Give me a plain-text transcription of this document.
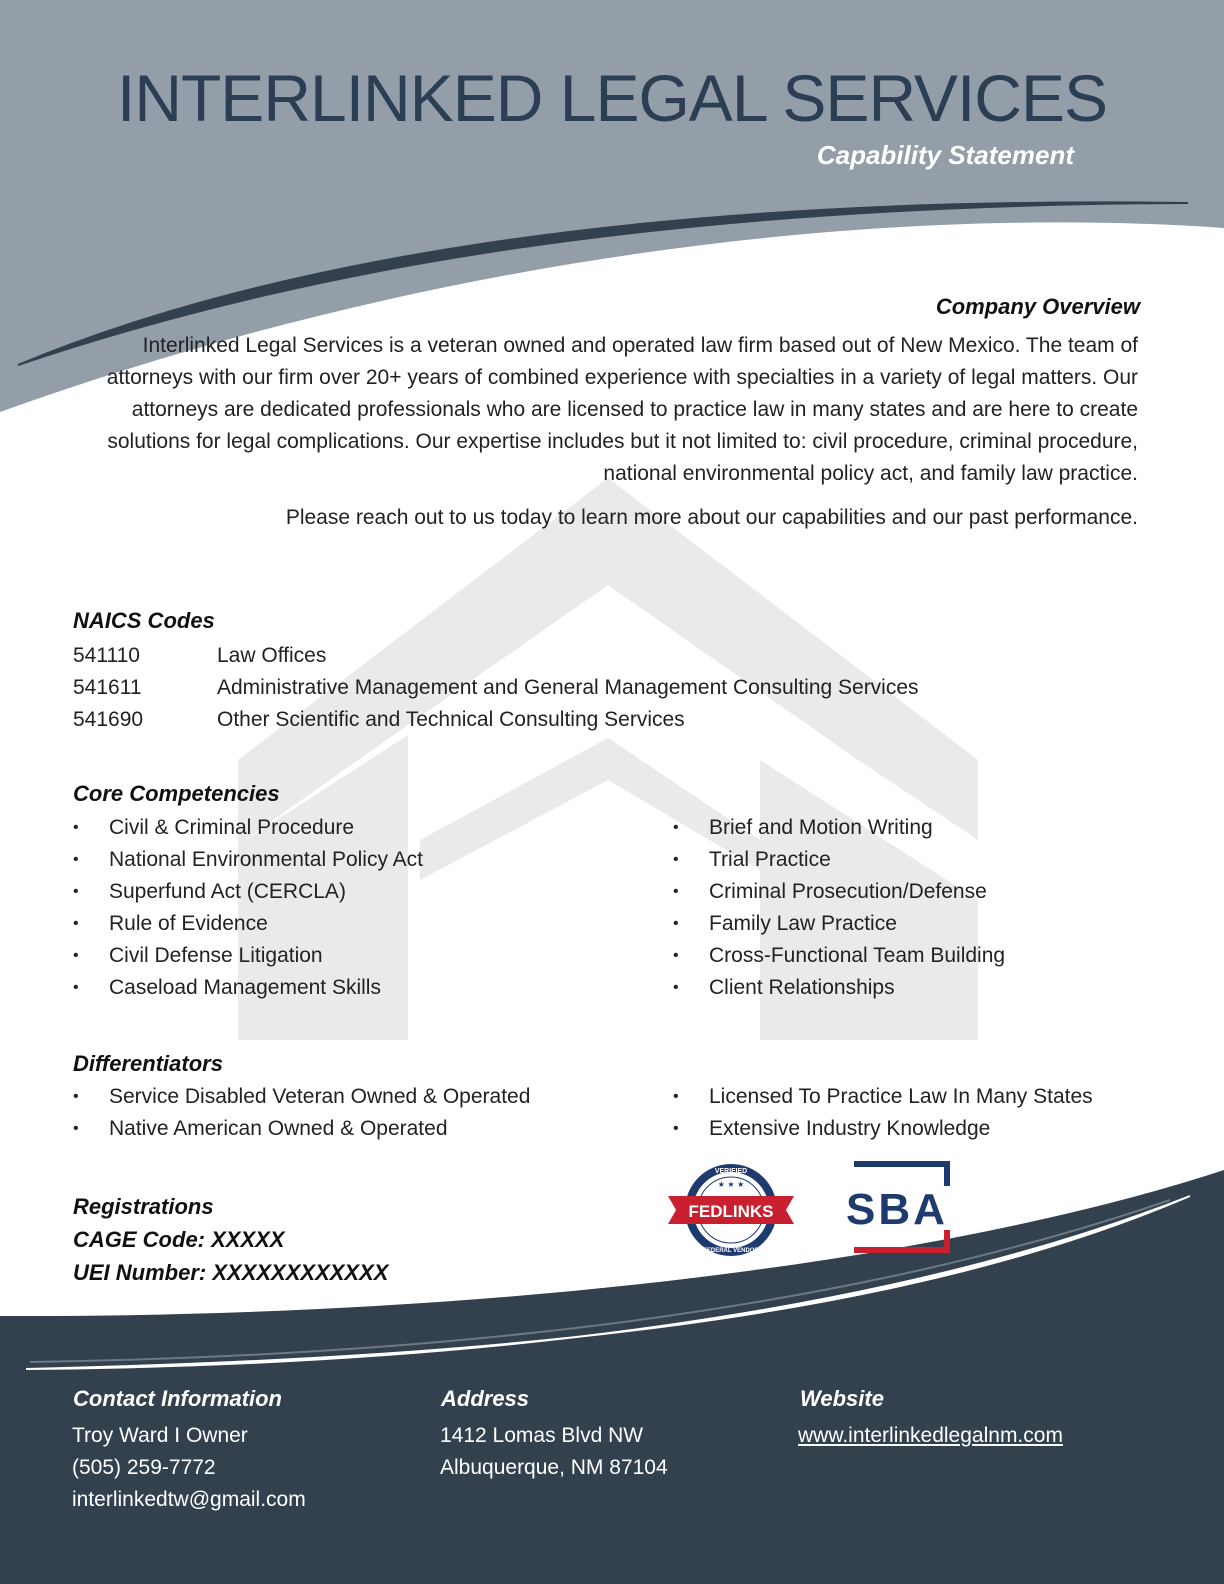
INTERLINKED LEGAL SERVICES
Capability Statement
Company Overview

Interlinked Legal Services is a veteran owned and operated law firm based out of New Mexico. The team of attorneys with our firm over 20+ years of combined experience with specialties in a variety of legal matters. Our attorneys are dedicated professionals who are licensed to practice law in many states and are here to create solutions for legal complications. Our expertise includes but it not limited to: civil procedure, criminal procedure, national environmental policy act, and family law practice.

Please reach out to us today to learn more about our capabilities and our past performance.

NAICS Codes
541110	Law Offices
541611	Administrative Management and General Management Consulting Services
541690	Other Scientific and Technical Consulting Services
Core Competencies
• Civil & Criminal Procedure
• National Environmental Policy Act
• Superfund Act (CERCLA)
• Rule of Evidence
• Civil Defense Litigation
• Caseload Management Skills
• Brief and Motion Writing
• Trial Practice
• Criminal Prosecution/Defense
• Family Law Practice
• Cross-Functional Team Building
• Client Relationships
Differentiators
• Service Disabled Veteran Owned & Operated
• Native American Owned & Operated
• Licensed To Practice Law In Many States
• Extensive Industry Knowledge
Registrations
CAGE Code: XXXXX
UEI Number: XXXXXXXXXXXX
FEDLINKS
VERIFIED
★ ★ ★
FEDERAL VENDOR
SBA
Contact Information
Troy Ward I Owner
(505) 259-7772
interlinkedtw@gmail.com
Address
1412 Lomas Blvd NW
Albuquerque, NM 87104
Website
www.interlinkedlegalnm.com
